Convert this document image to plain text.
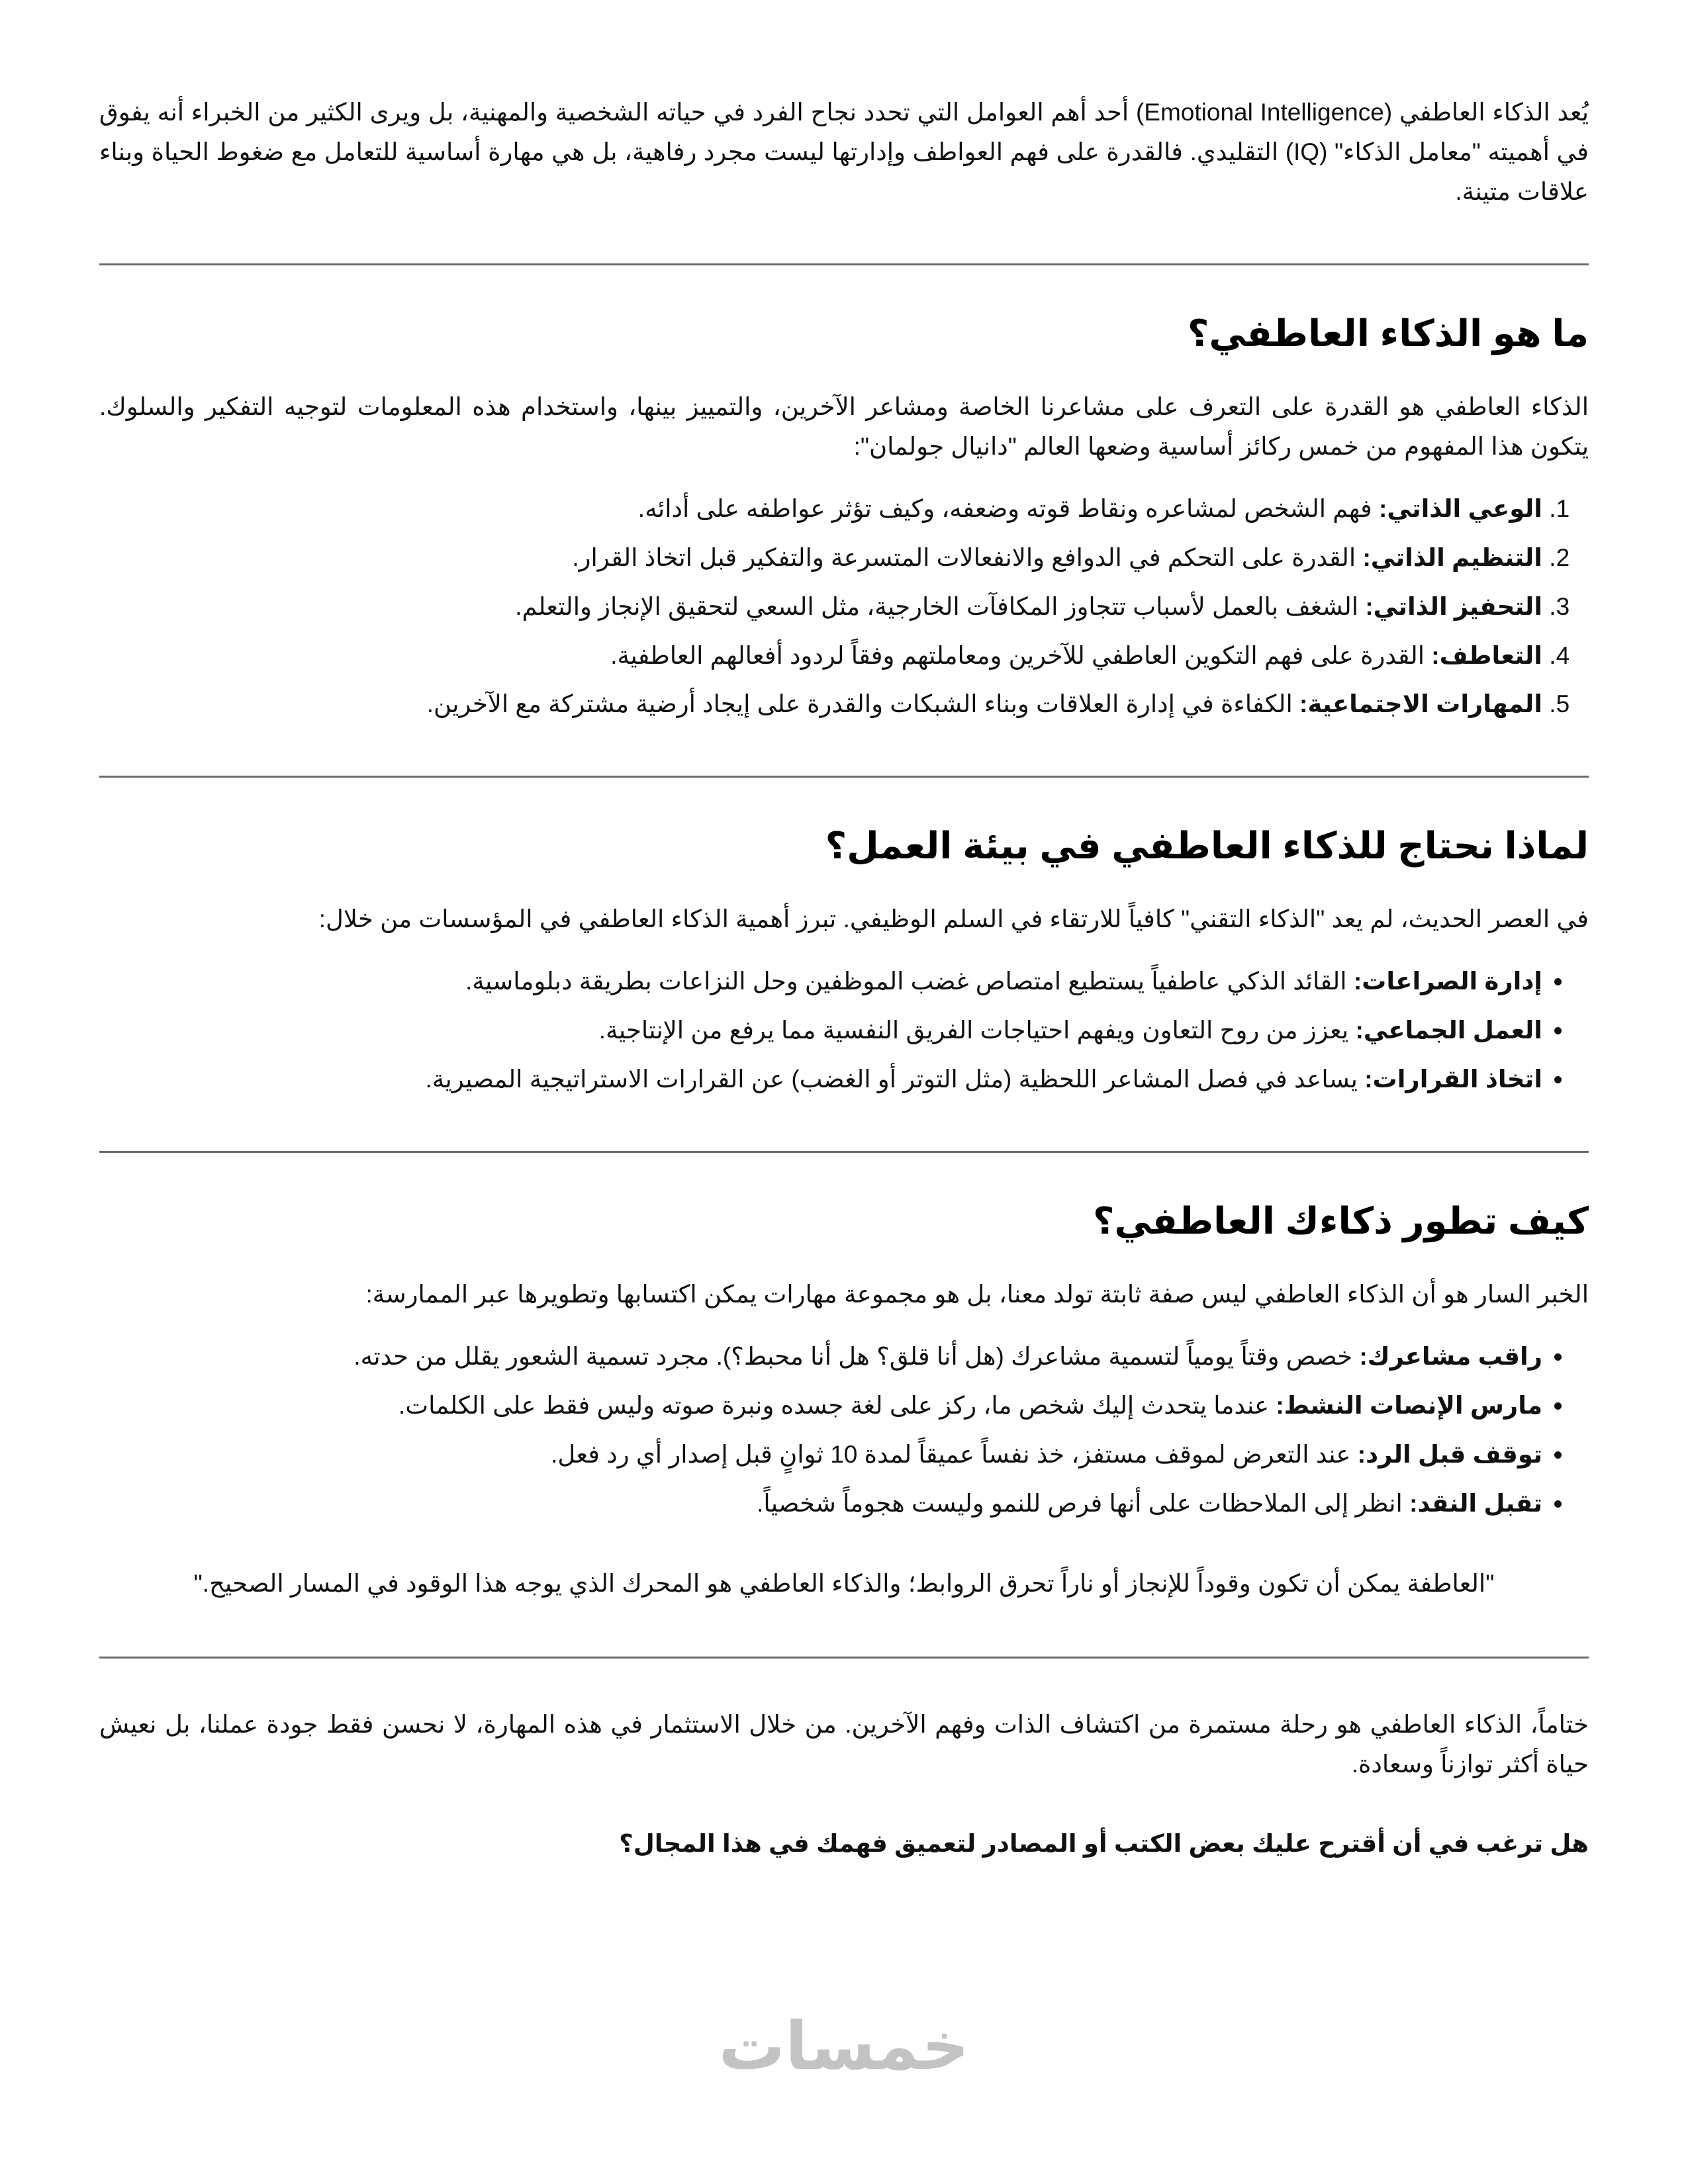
يُعد الذكاء العاطفي (Emotional Intelligence) أحد أهم العوامل التي تحدد نجاح الفرد في حياته الشخصية والمهنية، بل ويرى الكثير من الخبراء أنه يفوق في أهميته "معامل الذكاء" (IQ) التقليدي. فالقدرة على فهم العواطف وإدارتها ليست مجرد رفاهية، بل هي مهارة أساسية للتعامل مع ضغوط الحياة وبناء علاقات متينة.

ما هو الذكاء العاطفي؟

الذكاء العاطفي هو القدرة على التعرف على مشاعرنا الخاصة ومشاعر الآخرين، والتمييز بينها، واستخدام هذه المعلومات لتوجيه التفكير والسلوك. يتكون هذا المفهوم من خمس ركائز أساسية وضعها العالم "دانيال جولمان":

1. الوعي الذاتي: فهم الشخص لمشاعره ونقاط قوته وضعفه، وكيف تؤثر عواطفه على أدائه.
2. التنظيم الذاتي: القدرة على التحكم في الدوافع والانفعالات المتسرعة والتفكير قبل اتخاذ القرار.
3. التحفيز الذاتي: الشغف بالعمل لأسباب تتجاوز المكافآت الخارجية، مثل السعي لتحقيق الإنجاز والتعلم.
4. التعاطف: القدرة على فهم التكوين العاطفي للآخرين ومعاملتهم وفقاً لردود أفعالهم العاطفية.
5. المهارات الاجتماعية: الكفاءة في إدارة العلاقات وبناء الشبكات والقدرة على إيجاد أرضية مشتركة مع الآخرين.
لماذا نحتاج للذكاء العاطفي في بيئة العمل؟

في العصر الحديث، لم يعد "الذكاء التقني" كافياً للارتقاء في السلم الوظيفي. تبرز أهمية الذكاء العاطفي في المؤسسات من خلال:

• إدارة الصراعات: القائد الذكي عاطفياً يستطيع امتصاص غضب الموظفين وحل النزاعات بطريقة دبلوماسية.
• العمل الجماعي: يعزز من روح التعاون ويفهم احتياجات الفريق النفسية مما يرفع من الإنتاجية.
• اتخاذ القرارات: يساعد في فصل المشاعر اللحظية (مثل التوتر أو الغضب) عن القرارات الاستراتيجية المصيرية.
كيف تطور ذكاءك العاطفي؟

الخبر السار هو أن الذكاء العاطفي ليس صفة ثابتة تولد معنا، بل هو مجموعة مهارات يمكن اكتسابها وتطويرها عبر الممارسة:

• راقب مشاعرك: خصص وقتاً يومياً لتسمية مشاعرك (هل أنا قلق؟ هل أنا محبط؟). مجرد تسمية الشعور يقلل من حدته.
• مارس الإنصات النشط: عندما يتحدث إليك شخص ما، ركز على لغة جسده ونبرة صوته وليس فقط على الكلمات.
• توقف قبل الرد: عند التعرض لموقف مستفز، خذ نفساً عميقاً لمدة 10 ثوانٍ قبل إصدار أي رد فعل.
• تقبل النقد: انظر إلى الملاحظات على أنها فرص للنمو وليست هجوماً شخصياً.
"العاطفة يمكن أن تكون وقوداً للإنجاز أو ناراً تحرق الروابط؛ والذكاء العاطفي هو المحرك الذي يوجه هذا الوقود في المسار الصحيح."

ختاماً، الذكاء العاطفي هو رحلة مستمرة من اكتشاف الذات وفهم الآخرين. من خلال الاستثمار في هذه المهارة، لا نحسن فقط جودة عملنا، بل نعيش حياة أكثر توازناً وسعادة.

هل ترغب في أن أقترح عليك بعض الكتب أو المصادر لتعميق فهمك في هذا المجال؟

خمسات
